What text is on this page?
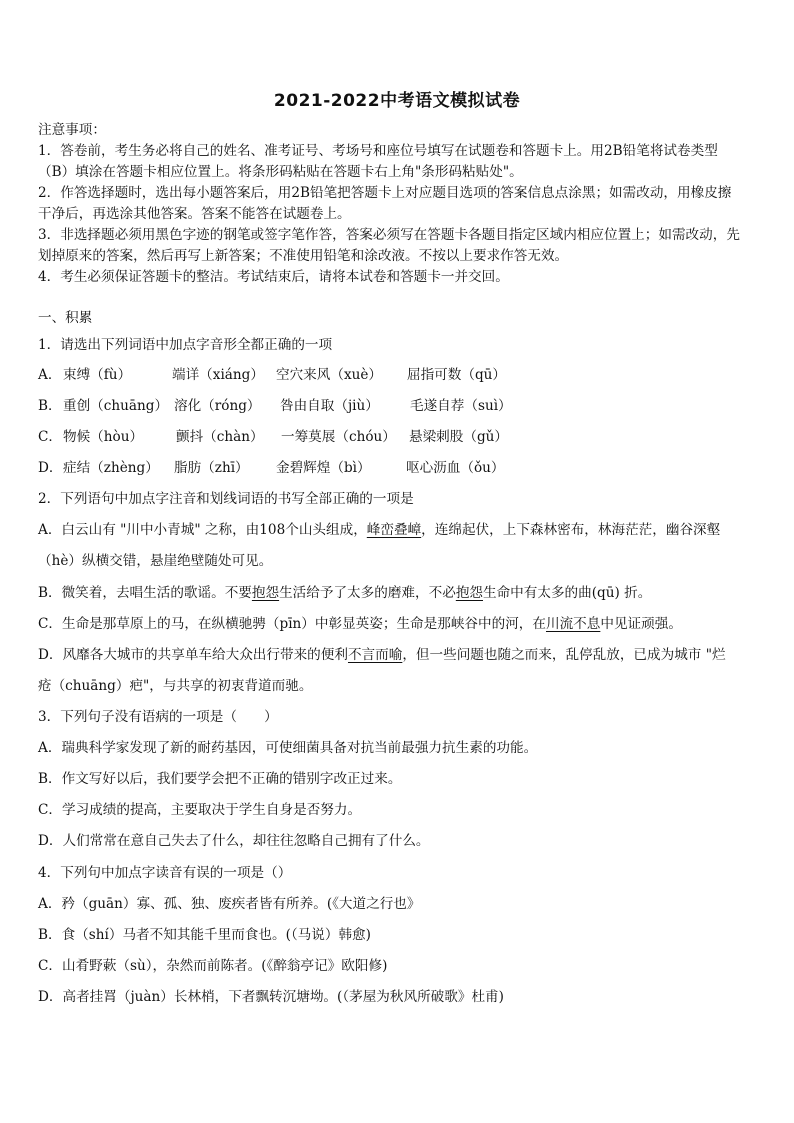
2021-2022中考语文模拟试卷
注意事项：
1．答卷前，考生务必将自己的姓名、准考证号、考场号和座位号填写在试题卷和答题卡上。用2B铅笔将试卷类型
（B）填涂在答题卡相应位置上。将条形码粘贴在答题卡右上角"条形码粘贴处"。
2．作答选择题时，选出每小题答案后，用2B铅笔把答题卡上对应题目选项的答案信息点涂黑；如需改动，用橡皮擦
干净后，再选涂其他答案。答案不能答在试题卷上。
3．非选择题必须用黑色字迹的钢笔或签字笔作答，答案必须写在答题卡各题目指定区域内相应位置上；如需改动，先
划掉原来的答案，然后再写上新答案；不准使用铅笔和涂改液。不按以上要求作答无效。
4．考生必须保证答题卡的整洁。考试结束后，请将本试卷和答题卡一并交回。
一、积累
1．请选出下列词语中加点字音形全都正确的一项
A． 束缚（fù）	端详（xiáng） 空穴来风（xuè） 屈指可数（qū）
B． 重创（chuāng） 溶化（róng） 咎由自取（jiù） 毛遂自荐（suì）
C． 物候（hòu） 颤抖（chàn） 一筹莫展（chóu） 悬梁刺股（gǔ）
D． 症结（zhèng） 脂肪（zhī） 金碧辉煌（bì）	呕心沥血（ǒu）
2．下列语句中加点字注音和划线词语的书写全部正确的一项是
A．白云山有 "川中小青城" 之称，由108个山头组成，峰峦叠嶂，连绵起伏，上下森林密布，林海茫茫，幽谷深壑
（hè）纵横交错，悬崖绝壁随处可见。
B．微笑着，去唱生活的歌谣。不要抱怨生活给予了太多的磨难，不必抱怨生命中有太多的曲(qū) 折。
C．生命是那草原上的马，在纵横驰骋（pīn）中彰显英姿；生命是那峡谷中的河，在川流不息中见证顽强。
D．风靡各大城市的共享单车给大众出行带来的便利不言而喻，但一些问题也随之而来，乱停乱放，已成为城市 "烂
疮（chuāng）疤"，与共享的初衷背道而驰。
3．下列句子没有语病的一项是（　　）
A．瑞典科学家发现了新的耐药基因，可使细菌具备对抗当前最强力抗生素的功能。
B．作文写好以后，我们要学会把不正确的错别字改正过来。
C．学习成绩的提高，主要取决于学生自身是否努力。
D．人们常常在意自己失去了什么，却往往忽略自己拥有了什么。
4．下列句中加点字读音有误的一项是（）
A．矜（guān）寡、孤、独、废疾者皆有所养。(《大道之行也》
B．食（shí）马者不知其能千里而食也。(（马说）韩愈)
C．山肴野蔌（sù），杂然而前陈者。(《醉翁亭记》欧阳修)
D．高者挂罥（juàn）长林梢，下者飘转沉塘坳。(（茅屋为秋风所破歌》杜甫)
